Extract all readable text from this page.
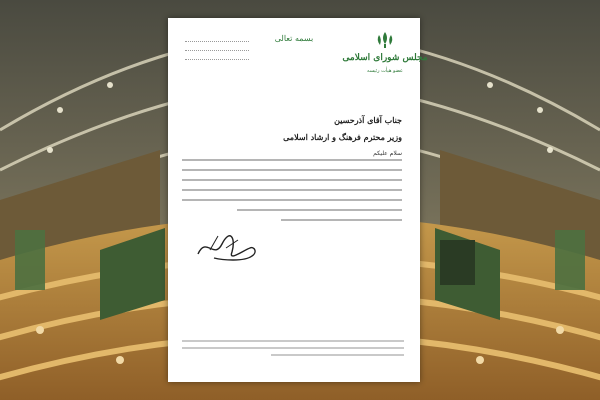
بسمه تعالی
مجلس شورای اسلامی
عضو هیأت رئیسه
جناب آقای آذرحسین
وزیر محترم فرهنگ و ارشاد اسلامی
سلام علیکم
